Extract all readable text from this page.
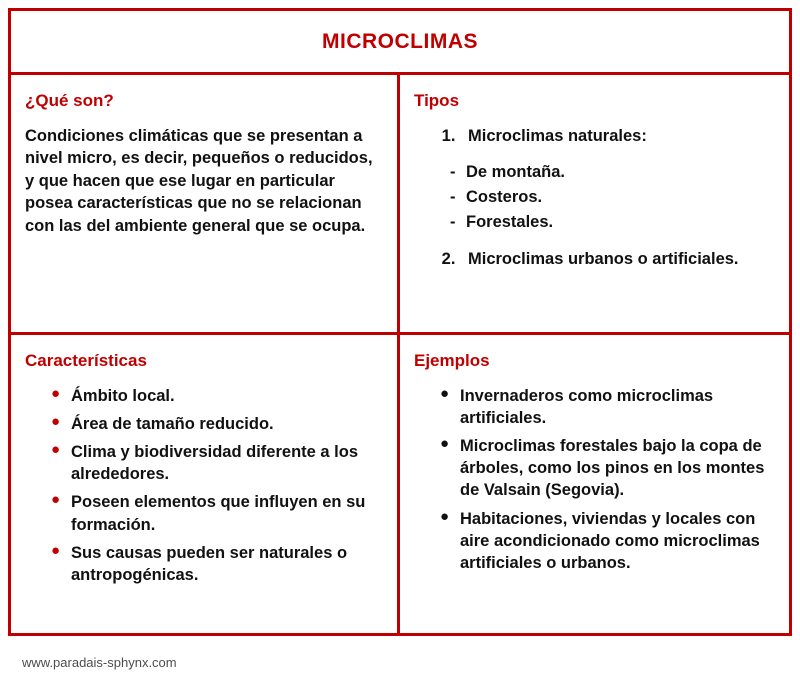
MICROCLIMAS
¿Qué son?

Condiciones climáticas que se presentan a nivel micro, es decir, pequeños o reducidos, y que hacen que ese lugar en particular posea características que no se relacionan con las del ambiente general que se ocupa.

Tipos
1. Microclimas naturales:
- De montaña.
- Costeros.
- Forestales.
2. Microclimas urbanos o artificiales.
Características
● Ámbito local.
● Área de tamaño reducido.
● Clima y biodiversidad diferente a los alrededores.
● Poseen elementos que influyen en su formación.
● Sus causas pueden ser naturales o antropogénicas.
Ejemplos
● Invernaderos como microclimas artificiales.
● Microclimas forestales bajo la copa de árboles, como los pinos en los montes de Valsain (Segovia).
● Habitaciones, viviendas y locales con aire acondicionado como microclimas artificiales o urbanos.
www.paradais-sphynx.com
